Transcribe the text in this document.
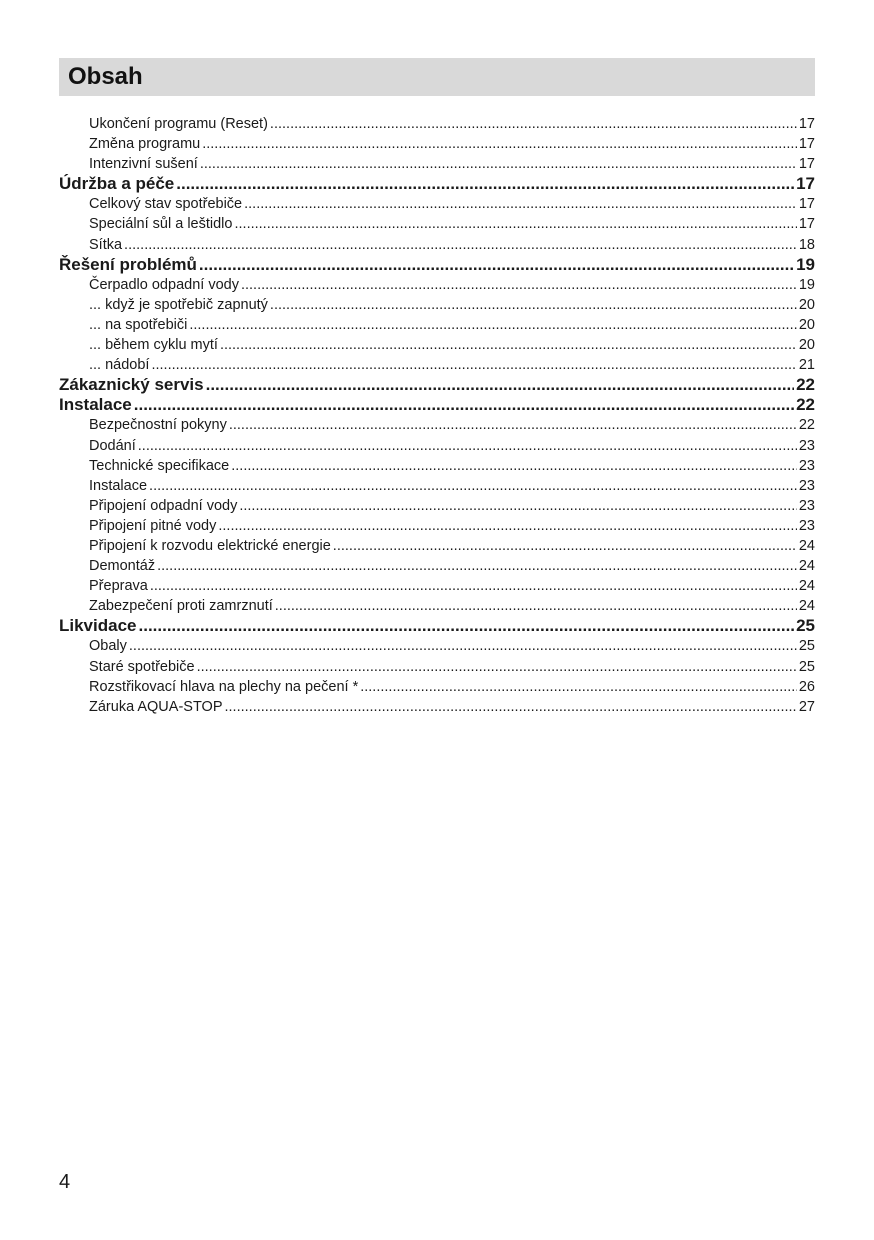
Obsah
Ukončení programu (Reset) .....	17
Změna programu .....	17
Intenzivní sušení .....	17
Údržba a péče .....	17
Celkový stav spotřebiče .....	17
Speciální sůl a leštidlo .....	17
Sítka .....	18
Řešení problémů .....	19
Čerpadlo odpadní vody .....	19
... když je spotřebič zapnutý .....	20
... na spotřebiči .....	20
... během cyklu mytí .....	20
... nádobí .....	21
Zákaznický servis .....	22
Instalace .....	22
Bezpečnostní pokyny .....	22
Dodání .....	23
Technické specifikace .....	23
Instalace .....	23
Připojení odpadní vody .....	23
Připojení pitné vody .....	23
Připojení k rozvodu elektrické energie .....	24
Demontáž .....	24
Přeprava .....	24
Zabezpečení proti zamrznutí .....	24
Likvidace .....	25
Obaly .....	25
Staré spotřebiče .....	25
Rozstřikovací hlava na plechy na pečení * .....	26
Záruka AQUA-STOP .....	27
4
